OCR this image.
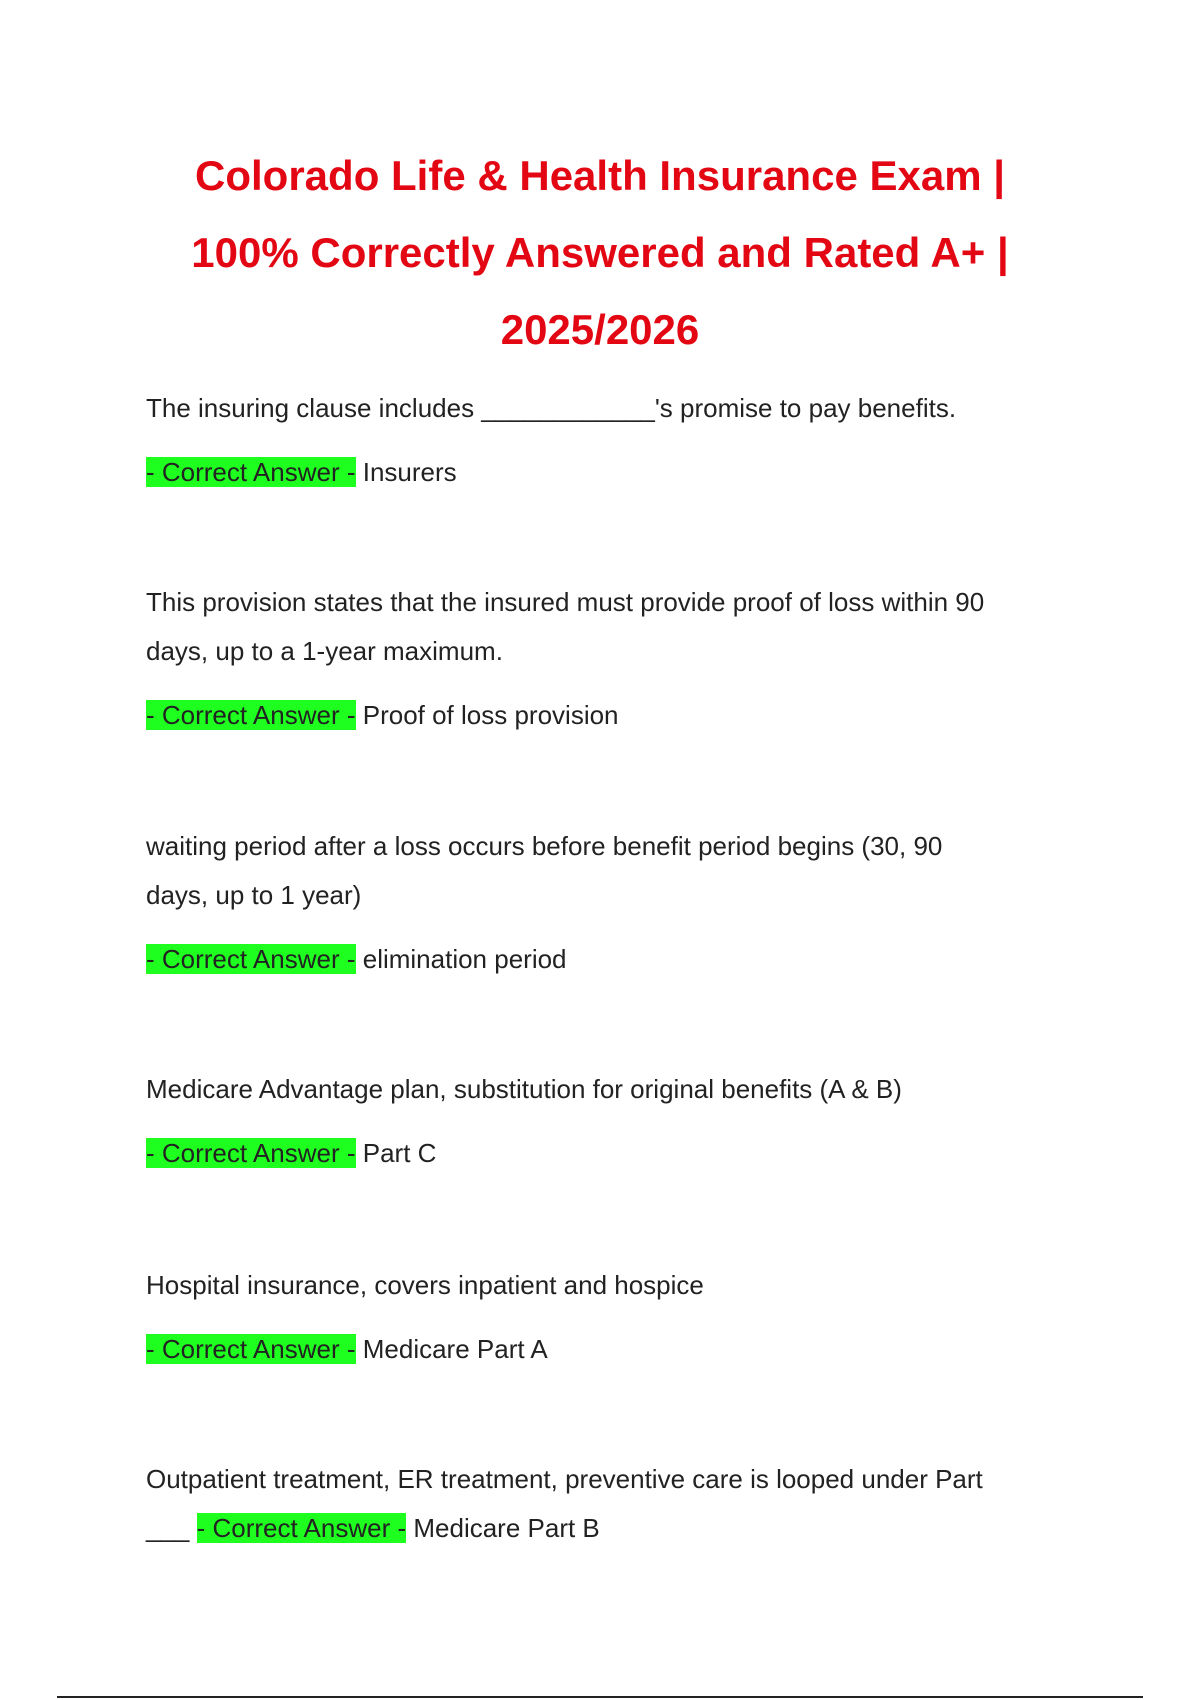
Colorado Life & Health Insurance Exam |
100% Correctly Answered and Rated A+ |
2025/2026
The insuring clause includes ____________'s promise to pay benefits.
- Correct Answer - Insurers
This provision states that the insured must provide proof of loss within 90
days, up to a 1-year maximum.
- Correct Answer - Proof of loss provision
waiting period after a loss occurs before benefit period begins (30, 90
days, up to 1 year)
- Correct Answer - elimination period
Medicare Advantage plan, substitution for original benefits (A & B)
- Correct Answer - Part C
Hospital insurance, covers inpatient and hospice
- Correct Answer - Medicare Part A
Outpatient treatment, ER treatment, preventive care is looped under Part
___ - Correct Answer - Medicare Part B
